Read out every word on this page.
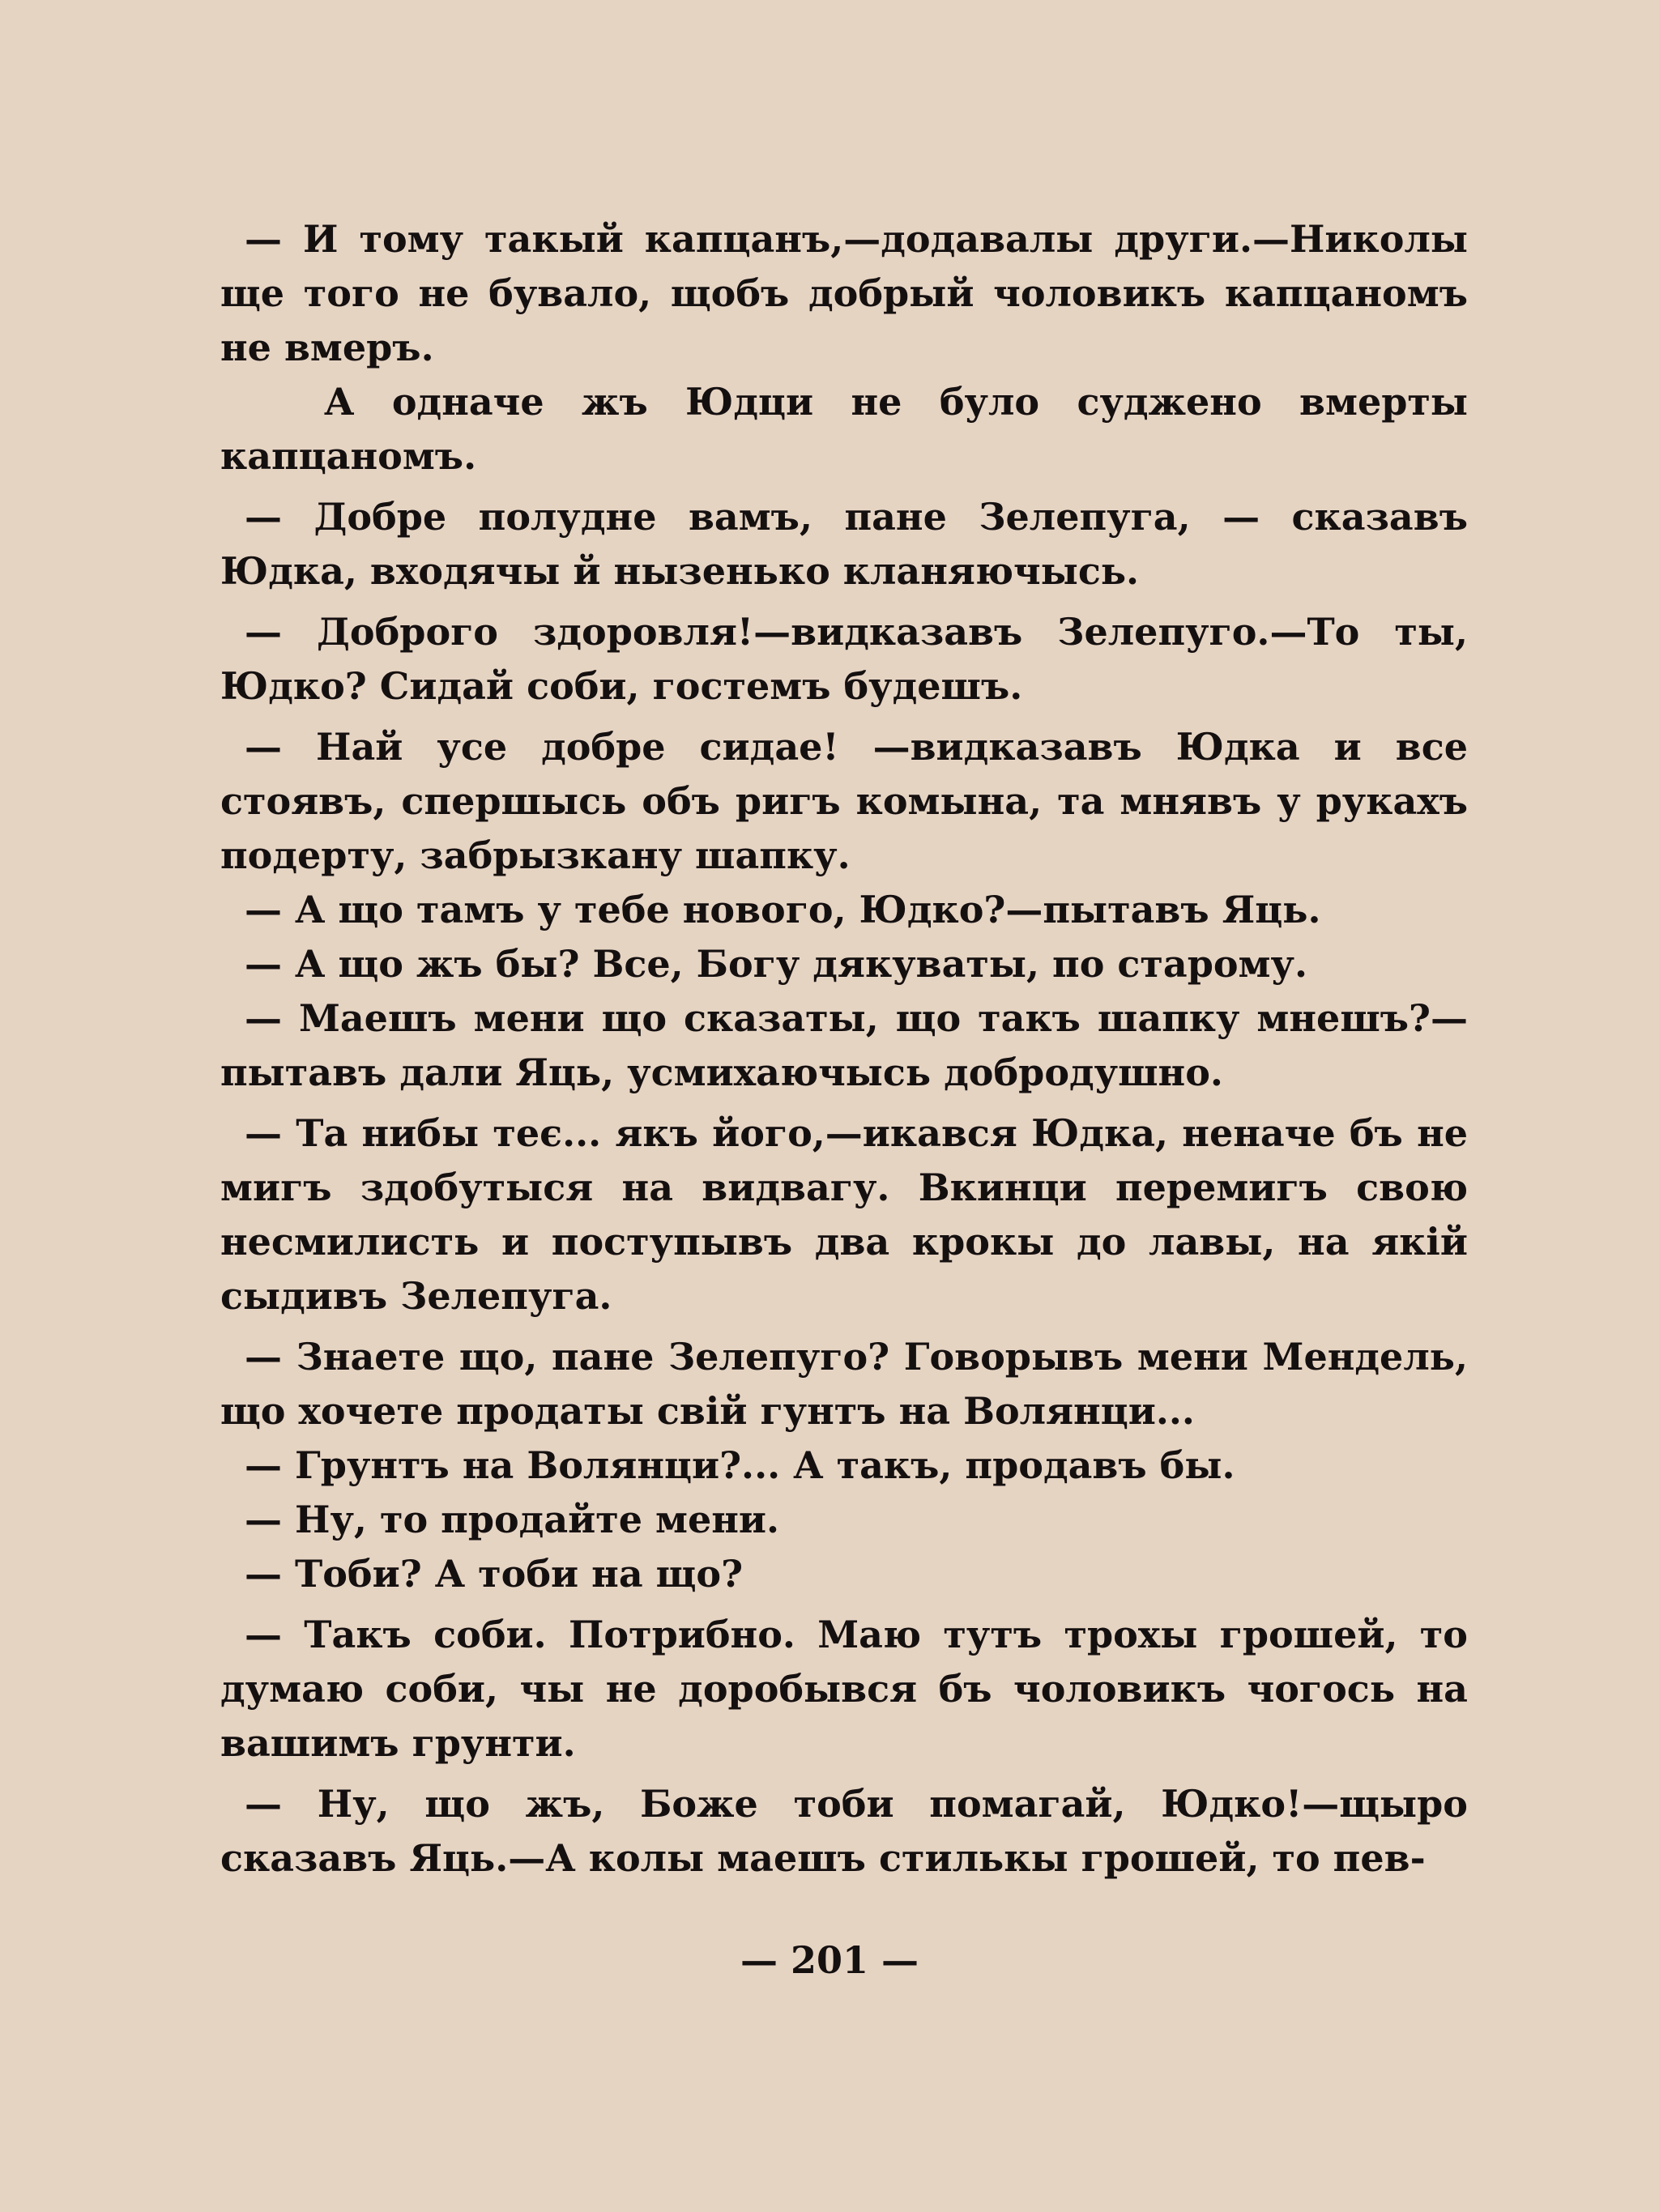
— И тому такый капцанъ,—додавалы други.—Николы ще того не бувало, щобъ добрый чоловикъ капцаномъ не вмеръ.

А одначе жъ Юдци не було суджено вмерты капцаномъ.

— Добре полудне вамъ, пане Зелепуга, — сказавъ Юдка, входячы й нызенько кланяючысь.

— Доброго здоровля!—видказавъ Зелепуго.—То ты, Юдко? Сидай соби, гостемъ будешъ.

— Най усе добре сидае! —видказавъ Юдка и все стоявъ, спершысь объ ригъ комына, та мнявъ у рукахъ подерту, забрызкану шапку.

— А що тамъ у тебе нового, Юдко?—пытавъ Яць.

— А що жъ бы? Все, Богу дякуваты, по старому.

— Маешъ мени що сказаты, що такъ шапку мнешъ?—пытавъ дали Яць, усмихаючысь добродушно.

— Та нибы теє... якъ його,—икався Юдка, неначе бъ не мигъ здобутыся на видвагу. Вкинци перемигъ свою несмилисть и поступывъ два крокы до лавы, на якій сыдивъ Зелепуга.

— Знаете що, пане Зелепуго? Говорывъ мени Мендель, що хочете продаты свій гунтъ на Волянци...

— Грунтъ на Волянци?... А такъ, продавъ бы.

— Ну, то продайте мени.

— Тоби? А тоби на що?

— Такъ соби. Потрибно. Маю тутъ трохы грошей, то думаю соби, чы не доробывся бъ чоловикъ чогось на вашимъ грунти.

— Ну, що жъ, Боже тоби помагай, Юдко!—щыро сказавъ Яць.—А колы маешъ стилькы грошей, то пев-

— 201 —
